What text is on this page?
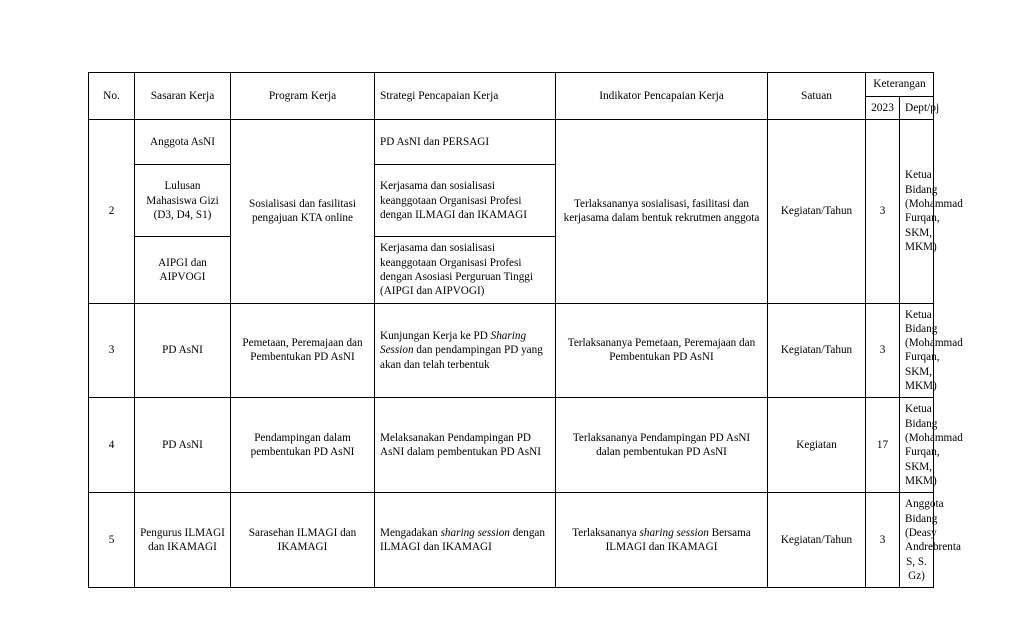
No.	Sasaran Kerja	Program Kerja	Strategi Pencapaian Kerja	Indikator Pencapaian Kerja	Satuan	Keterangan	
						2023	Dept/pj
2	Anggota AsNI	Sosialisasi dan fasilitasi pengajuan KTA online	PD AsNI dan PERSAGI	Terlaksananya sosialisasi, fasilitasi dan kerjasama dalam bentuk rekrutmen anggota	Kegiatan/Tahun	3	Ketua Bidang (Mohammad Furqan, SKM, MKM)
	Lulusan Mahasiswa Gizi (D3, D4, S1)		Kerjasama dan sosialisasi keanggotaan Organisasi Profesi dengan ILMAGI dan IKAMAGI				
	AIPGI dan AIPVOGI		Kerjasama dan sosialisasi keanggotaan Organisasi Profesi dengan Asosiasi Perguruan Tinggi (AIPGI dan AIPVOGI)				
3	PD AsNI	Pemetaan, Peremajaan dan Pembentukan PD AsNI	Kunjungan Kerja ke PD Sharing Session dan pendampingan PD yang akan dan telah terbentuk	Terlaksananya Pemetaan, Peremajaan dan Pembentukan PD AsNI	Kegiatan/Tahun	3	Ketua Bidang (Mohammad Furqan, SKM, MKM)
4	PD AsNI	Pendampingan dalam pembentukan PD AsNI	Melaksanakan Pendampingan PD AsNI dalam pembentukan PD AsNI	Terlaksananya Pendampingan PD AsNI dalan pembentukan PD AsNI	Kegiatan	17	Ketua Bidang (Mohammad Furqan, SKM, MKM)
5	Pengurus ILMAGI dan IKAMAGI	Sarasehan ILMAGI dan IKAMAGI	Mengadakan sharing session dengan ILMAGI dan IKAMAGI	Terlaksananya sharing session Bersama ILMAGI dan IKAMAGI	Kegiatan/Tahun	3	Anggota Bidang (Deasy Andrebrenta S, S. Gz)
